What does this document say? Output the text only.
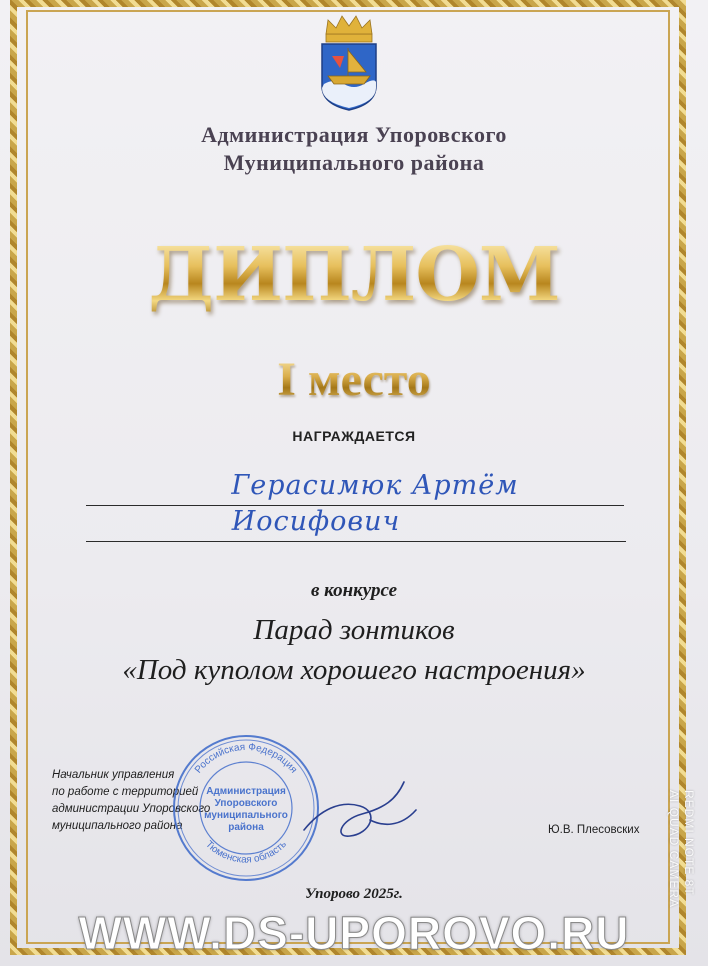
Администрация Упоровского
Муниципального района
ДИПЛОМ
I место
НАГРАЖДАЕТСЯ
Герасимюк Артём
Иосифович
в конкурсе
Парад зонтиков
«Под куполом хорошего настроения»
Начальник управления
по работе с территорией
администрации Упоровского
муниципального района
Российская Федерация
Тюменская область
Администрация
Упоровского
муниципального
района	Ю.В. Плесовских
Упорово 2025г.	REDMI NOTE 8T
AI QUAD CAMERA
WWW.DS-UPOROVO.RU
